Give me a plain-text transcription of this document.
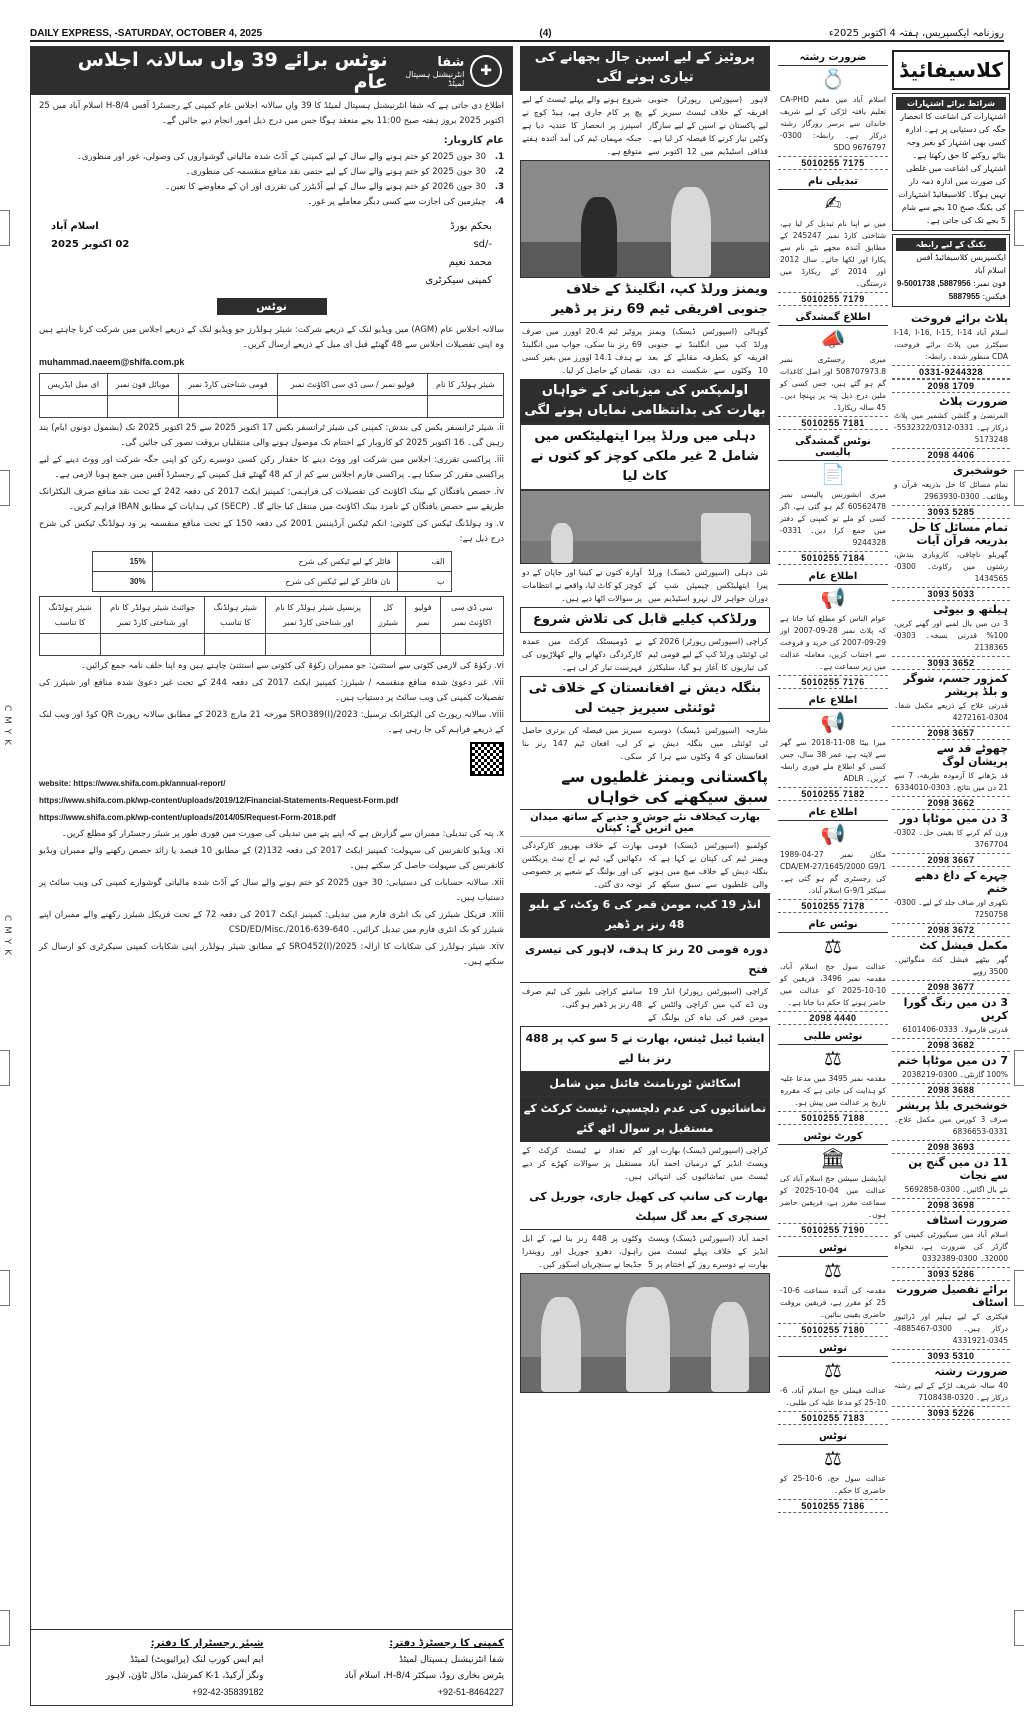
C M Y K
C M Y K
DAILY EXPRESS, -SATURDAY, OCTOBER 4, 2025	(4)	روزنامہ ایکسپریس، ہفتہ 4 اکتوبر 2025ء
نوٹس برائے 39 واں سالانہ اجلاس عام
شفا
انٹرنیشنل ہسپتال لمیٹڈ
✚

اطلاع دی جاتی ہے کہ شفا انٹرنیشنل ہسپتال لمیٹڈ کا 39 واں سالانہ اجلاس عام کمپنی کے رجسٹرڈ آفس H-8/4 اسلام آباد میں 25 اکتوبر 2025 بروز ہفتہ صبح 11:00 بجے منعقد ہوگا جس میں درج ذیل امور انجام دیے جائیں گے۔

عام کاروبار:

1.
30 جون 2025 کو ختم ہونے والے سال کے لیے کمپنی کے آڈٹ شدہ مالیاتی گوشواروں کی وصولی، غور اور منظوری۔
2.
30 جون 2025 کو ختم ہونے والے سال کے لیے حتمی نقد منافع منقسمہ کی منظوری۔
3.
30 جون 2026 کو ختم ہونے والے سال کے لیے آڈیٹرز کی تقرری اور ان کے معاوضے کا تعین۔
4.
چیئرمین کی اجازت سے کسی دیگر معاملے پر غور۔
بحکم بورڈ
sd/-
محمد نعیم
کمپنی سیکرٹری
اسلام آباد
02 اکتوبر 2025
نوٹس

سالانہ اجلاس عام (AGM) میں ویڈیو لنک کے ذریعے شرکت: شیئر ہولڈرز جو ویڈیو لنک کے ذریعے اجلاس میں شرکت کرنا چاہتے ہیں وہ اپنی تفصیلات اجلاس سے 48 گھنٹے قبل ای میل کے ذریعے ارسال کریں۔

muhammad.naeem@shifa.com.pk

شیئر ہولڈر کا نام	فولیو نمبر / سی ڈی سی اکاؤنٹ نمبر	قومی شناختی کارڈ نمبر	موبائل فون نمبر	ای میل ایڈریس

ii. شیئر ٹرانسفر بکس کی بندش: کمپنی کی شیئر ٹرانسفر بکس 17 اکتوبر 2025 سے 25 اکتوبر 2025 تک (بشمول دونوں ایام) بند رہیں گی۔ 16 اکتوبر 2025 کو کاروبار کے اختتام تک موصول ہونے والی منتقلیاں بروقت تصور کی جائیں گی۔

iii. پراکسی تقرری: اجلاس میں شرکت اور ووٹ دینے کا حقدار رکن کسی دوسرے رکن کو اپنی جگہ شرکت اور ووٹ دینے کے لیے پراکسی مقرر کر سکتا ہے۔ پراکسی فارم اجلاس سے کم از کم 48 گھنٹے قبل کمپنی کے رجسٹرڈ آفس میں جمع ہونا لازمی ہے۔

iv. حصص یافتگان کے بینک اکاؤنٹ کی تفصیلات کی فراہمی: کمپنیز ایکٹ 2017 کی دفعہ 242 کے تحت نقد منافع صرف الیکٹرانک طریقے سے حصص یافتگان کے نامزد بینک اکاؤنٹ میں منتقل کیا جائے گا۔ (SECP) کی ہدایات کے مطابق IBAN فراہم کریں۔

v. ود ہولڈنگ ٹیکس کی کٹوتی: انکم ٹیکس آرڈیننس 2001 کی دفعہ 150 کے تحت منافع منقسمہ پر ود ہولڈنگ ٹیکس کی شرح درج ذیل ہے:

الف	فائلر کے لیے ٹیکس کی شرح	15%
ب	نان فائلر کے لیے ٹیکس کی شرح	30%
سی ڈی سی اکاؤنٹ نمبر	فولیو نمبر	کل شیئرز	پرنسپل شیئر ہولڈر کا نام اور شناختی کارڈ نمبر	شیئر ہولڈنگ کا تناسب	جوائنٹ شیئر ہولڈر کا نام اور شناختی کارڈ نمبر	شیئر ہولڈنگ کا تناسب

vi. زکوٰۃ کی لازمی کٹوتی سے استثنیٰ: جو ممبران زکوٰۃ کی کٹوتی سے استثنیٰ چاہتے ہیں وہ اپنا حلف نامہ جمع کرائیں۔

vii. غیر دعویٰ شدہ منافع منقسمہ / شیئرز: کمپنیز ایکٹ 2017 کی دفعہ 244 کے تحت غیر دعویٰ شدہ منافع اور شیئرز کی تفصیلات کمپنی کی ویب سائٹ پر دستیاب ہیں۔

viii. سالانہ رپورٹ کی الیکٹرانک ترسیل: SRO389(I)/2023 مورخہ 21 مارچ 2023 کے مطابق سالانہ رپورٹ QR کوڈ اور ویب لنک کے ذریعے فراہم کی جا رہی ہے۔

website: https://www.shifa.com.pk/annual-report/

https://www.shifa.com.pk/wp-content/uploads/2019/12/Financial-Statements-Request-Form.pdf

https://www.shifa.com.pk/wp-content/uploads/2014/05/Request-Form-2018.pdf

x. پتہ کی تبدیلی: ممبران سے گزارش ہے کہ اپنے پتے میں تبدیلی کی صورت میں فوری طور پر شیئر رجسٹرار کو مطلع کریں۔

xi. ویڈیو کانفرنس کی سہولت: کمپنیز ایکٹ 2017 کی دفعہ 132(2) کے مطابق 10 فیصد یا زائد حصص رکھنے والے ممبران ویڈیو کانفرنس کی سہولت حاصل کر سکتے ہیں۔

xii. سالانہ حسابات کی دستیابی: 30 جون 2025 کو ختم ہونے والے سال کے آڈٹ شدہ مالیاتی گوشوارے کمپنی کی ویب سائٹ پر دستیاب ہیں۔

xiii. فزیکل شیئرز کی بک انٹری فارم میں تبدیلی: کمپنیز ایکٹ 2017 کی دفعہ 72 کے تحت فزیکل شیئرز رکھنے والے ممبران اپنے شیئرز کو بک انٹری فارم میں تبدیل کرائیں۔ CSD/ED/Misc./2016-639-640

xiv. شیئر ہولڈرز کی شکایات کا ازالہ: SRO452(I)/2025 کے مطابق شیئر ہولڈرز اپنی شکایات کمپنی سیکرٹری کو ارسال کر سکتے ہیں۔

کمپنی کا رجسٹرڈ دفتر:
شفا انٹرنیشنل ہسپتال لمیٹڈ
پٹرس بخاری روڈ، سیکٹر H-8/4، اسلام آباد
+92-51-8464227
شیئر رجسٹرار کا دفتر:
ایم ایس کورپ لنک (پرائیویٹ) لمیٹڈ
ونگز آرکیڈ، K-1 کمرشل، ماڈل ٹاؤن، لاہور
+92-42-35839182
پروٹیز کے لیے اسپن جال بچھانے کی تیاری ہونے لگی
لاہور (سپورٹس رپورٹر) جنوبی افریقہ کے خلاف ٹیسٹ سیریز کے لیے پاکستان نے اسپن کے لیے سازگار وکٹیں تیار کرنے کا فیصلہ کر لیا ہے۔ قذافی اسٹیڈیم میں 12 اکتوبر سے شروع ہونے والے پہلے ٹیسٹ کے لیے پچ پر کام جاری ہے، ہیڈ کوچ نے اسپنرز پر انحصار کا عندیہ دیا ہے جبکہ مہمان ٹیم کی آمد آئندہ ہفتے متوقع ہے۔
ویمنز ورلڈ کپ، انگلینڈ کے خلاف جنوبی افریقی ٹیم 69 رنز پر ڈھیر
گوہاٹی (اسپورٹس ڈیسک) ویمنز ورلڈ کپ میں انگلینڈ نے جنوبی افریقہ کو یکطرفہ مقابلے کے بعد 10 وکٹوں سے شکست دے دی، پروٹیز ٹیم 20.4 اوورز میں صرف 69 رنز بنا سکی، جواب میں انگلینڈ نے ہدف 14.1 اوورز میں بغیر کسی نقصان کے حاصل کر لیا۔
اولمپکس کی میزبانی کے خواہاں بھارت کی بدانتظامی نمایاں ہونے لگی
دہلی میں ورلڈ پیرا ایتھلیٹکس میں شامل 2 غیر ملکی کوچز کو کتوں نے کاٹ لیا
نئی دہلی (اسپورٹس ڈیسک) ورلڈ پیرا ایتھلیٹکس چیمپئن شپ کے دوران جواہر لال نہرو اسٹیڈیم میں آوارہ کتوں نے کینیا اور جاپان کے دو کوچز کو کاٹ لیا، واقعے نے انتظامات پر سوالات اٹھا دیے ہیں۔
ورلڈکپ کیلیے قابل کی تلاش شروع
کراچی (اسپورٹس رپورٹر) 2026 کے ٹی ٹوئنٹی ورلڈ کپ کے لیے قومی ٹیم کی تیاریوں کا آغاز ہو گیا، سلیکٹرز نے ڈومیسٹک کرکٹ میں عمدہ کارکردگی دکھانے والے کھلاڑیوں کی فہرست تیار کر لی ہے۔
بنگلہ دیش نے افغانستان کے خلاف ٹی ٹوئنٹی سیریز جیت لی
شارجہ (اسپورٹس ڈیسک) دوسرے ٹی ٹوئنٹی میں بنگلہ دیش نے افغانستان کو 4 وکٹوں سے ہرا کر سیریز میں فیصلہ کن برتری حاصل کر لی، افغان ٹیم 147 رنز بنا سکی۔
پاکستانی ویمنز غلطیوں سے سبق سیکھنے کی خواہاں
بھارت کیخلاف نئے جوش و جذبے کے ساتھ میدان میں اتریں گے: کپتان
کولمبو (اسپورٹس ڈیسک) قومی ویمنز ٹیم کی کپتان نے کہا ہے کہ بنگلہ دیش کے خلاف میچ میں ہونے والی غلطیوں سے سبق سیکھ کر بھارت کے خلاف بھرپور کارکردگی دکھائیں گے، ٹیم نے آج نیٹ پریکٹس کی اور بولنگ کے شعبے پر خصوصی توجہ دی گئی۔
انڈر 19 کپ، مومن قمر کی 6 وکٹ، کے بلیو 48 رنز پر ڈھیر
دورہ قومی 20 رنز کا ہدف، لاہور کی تیسری فتح
کراچی (اسپورٹس رپورٹر) انڈر 19 ون ڈے کپ میں کراچی وائٹس کے مومن قمر کی تباہ کن بولنگ کے سامنے کراچی بلیوز کی ٹیم صرف 48 رنز پر ڈھیر ہو گئی۔
ایشیا ٹیبل ٹینس، بھارت نے 5 سو کپ پر 488 رنز بنا لیے
اسکاٹش ٹورنامنٹ فائنل میں شامل
تماشائیوں کی عدم دلچسپی، ٹیسٹ کرکٹ کے مستقبل پر سوال اٹھ گئے
کراچی (اسپورٹس ڈیسک) بھارت اور ویسٹ انڈیز کے درمیان احمد آباد ٹیسٹ میں تماشائیوں کی انتہائی کم تعداد نے ٹیسٹ کرکٹ کے مستقبل پر سوالات کھڑے کر دیے ہیں۔
بھارت کی سانپ کی کھیل جاری، جوریل کی سنچری کے بعد گل سپلٹ
احمد آباد (اسپورٹس ڈیسک) ویسٹ انڈیز کے خلاف پہلے ٹیسٹ میں بھارت نے دوسرے روز کے اختتام پر 5 وکٹوں پر 448 رنز بنا لیے، کے ایل راہول، دھرو جوریل اور رویندرا جڈیجا نے سنچریاں اسکور کیں۔
ضرورت رشتہ
💍
اسلام آباد میں مقیم CA-PHD تعلیم یافتہ لڑکی کے لیے شریف خاندان سے برسر روزگار رشتہ درکار ہے۔ رابطہ: 0300-9676797 SDO
5010255 7175
تبدیلی نام
✍
میں نے اپنا نام تبدیل کر لیا ہے، شناختی کارڈ نمبر 245247 کے مطابق آئندہ مجھے نئے نام سے پکارا اور لکھا جائے۔ سال 2012 اور 2014 کے ریکارڈ میں درستگی۔
5010255 7179
اطلاع گمشدگی
📣
میری رجسٹری نمبر 508707973.8 اور اصل کاغذات گم ہو گئے ہیں، جس کسی کو ملیں درج ذیل پتہ پر پہنچا دیں۔ 45 سالہ ریکارڈ۔
5010255 7181
نوٹس گمشدگی پالیسی
📄
میری انشورنس پالیسی نمبر 60562478 گم ہو گئی ہے، اگر کسی کو ملے تو کمپنی کے دفتر میں جمع کرا دیں۔ 0331-9244328
5010255 7184
اطلاع عام
📢
عوام الناس کو مطلع کیا جاتا ہے کہ پلاٹ نمبر 28-09-2007 اور 29-09-2007 کی خرید و فروخت سے اجتناب کریں، معاملہ عدالت میں زیر سماعت ہے۔
5010255 7176
اطلاع عام
📢
میرا بیٹا 08-11-2018 سے گھر سے لاپتہ ہے، عمر 38 سال، جس کسی کو اطلاع ملے فوری رابطہ کریں۔ ADLR
5010255 7182
اطلاع عام
📢
مکان نمبر 27-04-1989 CDA/EM-27/1645/2000 G9/1 کی رجسٹری گم ہو گئی ہے۔ سیکٹر G-9/1 اسلام آباد۔
5010255 7178
نوٹس عام
⚖
عدالت سول جج اسلام آباد، مقدمہ نمبر 3496، فریقین کو 10-10-2025 کو عدالت میں حاضر ہونے کا حکم دیا جاتا ہے۔
2098 4440
نوٹس طلبی
⚖
مقدمہ نمبر 3495 میں مدعا علیہ کو ہدایت کی جاتی ہے کہ مقررہ تاریخ پر عدالت میں پیش ہو۔
5010255 7188
کورٹ نوٹس
🏛
ایڈیشنل سیشن جج اسلام آباد کی عدالت میں 04-10-2025 کو سماعت مقرر ہے، فریقین حاضر ہوں۔
5010255 7190
نوٹس
⚖
مقدمہ کی آئندہ سماعت 6-10-25 کو مقرر ہے، فریقین بروقت حاضری یقینی بنائیں۔
5010255 7180
نوٹس
⚖
عدالت فیملی جج اسلام آباد، 6-10-25 کو مدعا علیہ کی طلبی۔
5010255 7183
نوٹس
⚖
عدالت سول جج، 6-10-25 کو حاضری کا حکم۔
5010255 7186
کلاسیفائیڈ
شرائط برائے اشتہارات
اشتہارات کی اشاعت کا انحصار جگہ کی دستیابی پر ہے۔ ادارہ کسی بھی اشتہار کو بغیر وجہ بتائے روکنے کا حق رکھتا ہے۔ اشتہار کی اشاعت میں غلطی کی صورت میں ادارہ ذمہ دار نہیں ہوگا۔ کلاسیفائیڈ اشتہارات کی بکنگ صبح 10 بجے سے شام 5 بجے تک کی جاتی ہے۔
بکنگ کے لیے رابطہ
ایکسپریس کلاسیفائیڈ آفس اسلام آباد
فون نمبر: 5887956, 5001738-9
فیکس: 5887955
پلاٹ برائے فروخت
اسلام آباد I-14, I-16, I-15, I-14 سیکٹرز میں پلاٹ برائے فروخت، CDA منظور شدہ۔ رابطہ:
0331-9244328
2098 1709
ضرورت پلاٹ
المرتضیٰ و گلشن کشمیر میں پلاٹ درکار ہے۔ 0331-5532322/0312-5173248
2098 4406
خوشخبری
تمام مسائل کا حل بذریعہ قرآن و وظائف۔ 0300-2963930
3093 5285
تمام مسائل کا حل بذریعہ قرآن آیات
گھریلو ناچاقی، کاروباری بندش، رشتوں میں رکاوٹ۔ 0300-1434565
3093 5033
ہیلتھ و بیوٹی
3 دن میں بال لمبے اور گھنے کریں، 100% قدرتی نسخہ۔ 0303-2138365
3093 3652
کمزور جسم، شوگر و بلڈ پریشر
قدرتی علاج کے ذریعے مکمل شفا۔ 0304-4272161
2098 3657
چھوٹے قد سے پریشان لوگ
قد بڑھانے کا آزمودہ طریقہ، 7 سے 21 دن میں نتائج۔ 0303-6334010
2098 3662
3 دن میں موٹاپا دور
وزن کم کرنے کا یقینی حل۔ 0302-3767704
2098 3667
چہرے کے داغ دھبے ختم
نکھری اور صاف جلد کے لیے۔ 0300-7250758
2098 3672
مکمل فیشل کٹ
گھر بیٹھے فیشل کٹ منگوائیں۔ 3500 روپے
2098 3677
3 دن میں رنگ گورا کریں
قدرتی فارمولا۔ 0333-6101406
2098 3682
7 دن میں موٹاپا ختم
100% گارنٹی۔ 0300-2038219
2098 3688
خوشخبری بلڈ پریشر
صرف 3 کورس میں مکمل علاج۔ 0331-6836653
2098 3693
11 دن میں گنج پن سے نجات
نئے بال اگائیں۔ 0300-5692858
2098 3698
ضرورت اسٹاف
اسلام آباد میں سیکیورٹی کمپنی کو گارڈز کی ضرورت ہے، تنخواہ 32000۔ 0300-0332389
3093 5286
برائے تفصیل ضرورت اسٹاف
فیکٹری کے لیے ہیلپر اور ڈرائیور درکار ہیں۔ 0300-4885467-0345-4331921
3093 5310
ضرورت رشتہ
40 سالہ شریف لڑکے کے لیے رشتہ درکار ہے۔ 0320-7108438
3093 5226
